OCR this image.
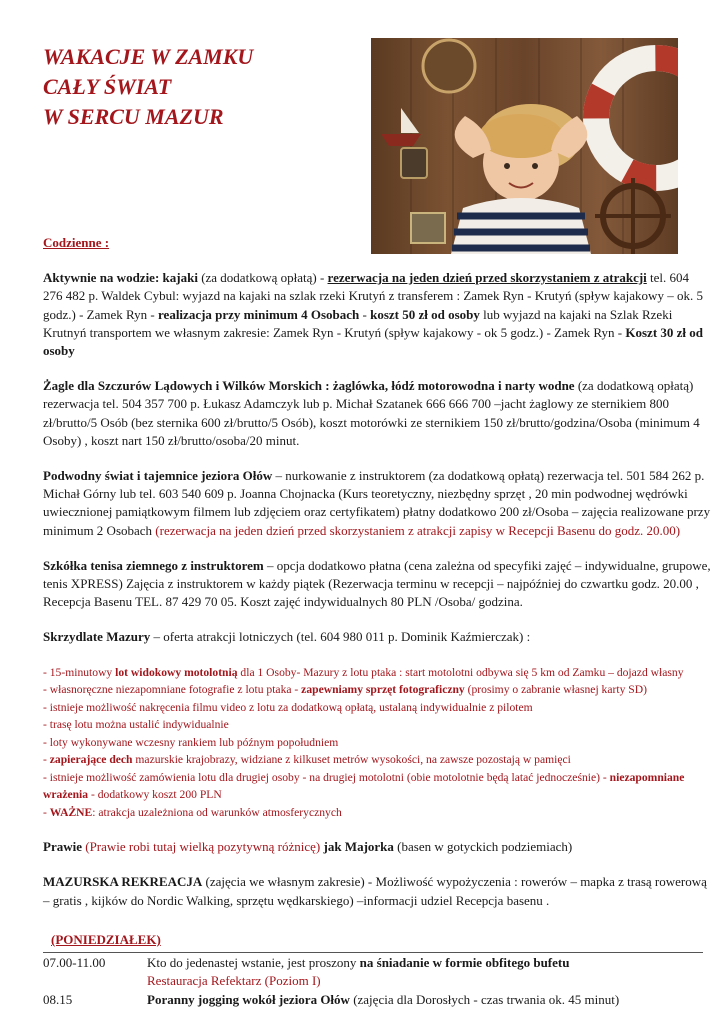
WAKACJE W ZAMKU
CAŁY ŚWIAT
W SERCU MAZUR

Codzienne :

Aktywnie na wodzie: kajaki (za dodatkową opłatą) - rezerwacja na jeden dzień przed skorzystaniem z atrakcji tel. 604 276 482 p. Waldek Cybul: wyjazd na kajaki na szlak rzeki Krutyń z transferem : Zamek Ryn - Krutyń (spływ kajakowy – ok. 5 godz.) - Zamek Ryn - realizacja przy minimum 4 Osobach - koszt 50 zł od osoby lub wyjazd na kajaki na Szlak Rzeki Krutnyń transportem we własnym zakresie: Zamek Ryn - Krutyń (spływ kajakowy - ok 5 godz.) - Zamek Ryn - Koszt 30 zł od osoby

Żagle dla Szczurów Lądowych i Wilków Morskich : żaglówka, łódź motorowodna i narty wodne (za dodatkową opłatą) rezerwacja tel. 504 357 700 p. Łukasz Adamczyk lub p. Michał Szatanek 666 666 700 –jacht żaglowy ze sternikiem 800 zł/brutto/5 Osób (bez sternika 600 zł/brutto/5 Osób), koszt motorówki ze sternikiem 150 zł/brutto/godzina/Osoba (minimum 4 Osoby) , koszt nart 150 zł/brutto/osoba/20 minut.

Podwodny świat i tajemnice jeziora Ołów – nurkowanie z instruktorem (za dodatkową opłatą) rezerwacja tel. 501 584 262 p. Michał Górny lub tel. 603 540 609 p. Joanna Chojnacka (Kurs teoretyczny, niezbędny sprzęt , 20 min podwodnej wędrówki uwiecznionej pamiątkowym filmem lub zdjęciem oraz certyfikatem) płatny dodatkowo 200 zł/Osoba – zajęcia realizowane przy minimum 2 Osobach (rezerwacja na jeden dzień przed skorzystaniem z atrakcji zapisy w Recepcji Basenu do godz. 20.00)

Szkółka tenisa ziemnego z instruktorem – opcja dodatkowo płatna (cena zależna od specyfiki zajęć – indywidualne, grupowe, tenis XPRESS) Zajęcia z instruktorem w każdy piątek (Rezerwacja terminu w recepcji – najpóźniej do czwartku godz. 20.00 , Recepcja Basenu TEL. 87 429 70 05. Koszt zajęć indywidualnych 80 PLN /Osoba/ godzina.

Skrzydlate Mazury – oferta atrakcji lotniczych (tel. 604 980 011 p. Dominik Kaźmierczak) :

- 15-minutowy lot widokowy motolotnią dla 1 Osoby- Mazury z lotu ptaka : start motolotni odbywa się 5 km od Zamku – dojazd własny

- własnoręczne niezapomniane fotografie z lotu ptaka - zapewniamy sprzęt fotograficzny (prosimy o zabranie własnej karty SD)

- istnieje możliwość nakręcenia filmu video z lotu za dodatkową opłatą, ustalaną indywidualnie z pilotem

- trasę lotu można ustalić indywidualnie

- loty wykonywane wczesny rankiem lub późnym popołudniem

- zapierające dech mazurskie krajobrazy, widziane z kilkuset metrów wysokości, na zawsze pozostają w pamięci

- istnieje możliwość zamówienia lotu dla drugiej osoby - na drugiej motolotni (obie motolotnie będą latać jednocześnie) - niezapomniane wrażenia - dodatkowy koszt 200 PLN

- WAŻNE: atrakcja uzależniona od warunków atmosferycznych

Prawie (Prawie robi tutaj wielką pozytywną różnicę) jak Majorka (basen w gotyckich podziemiach)

MAZURSKA REKREACJA (zajęcia we własnym zakresie) - Możliwość wypożyczenia : rowerów – mapka z trasą rowerową – gratis , kijków do Nordic Walking, sprzętu wędkarskiego) –informacji udziel Recepcja basenu .

(PONIEDZIAŁEK)

07.00-11.00	Kto do jedenastej wstanie, jest proszony na śniadanie w formie obfitego bufetu
Restauracja Refektarz (Poziom I)
08.15	Poranny jogging wokół jeziora Ołów (zajęcia dla Dorosłych - czas trwania ok. 45 minut)
